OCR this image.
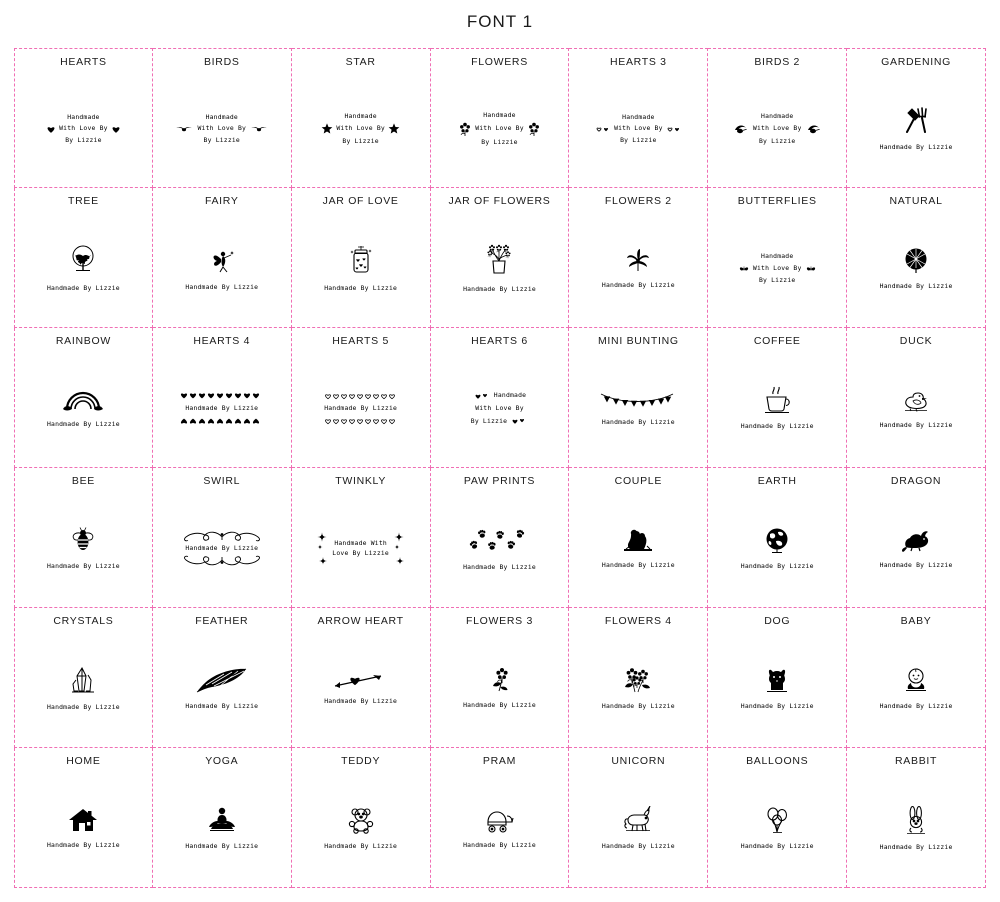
FONT 1
HEARTS
Handmade
With Love By
By Lizzie
BIRDS
Handmade
With Love By
By Lizzie
STAR
Handmade
With Love By
By Lizzie
FLOWERS
Handmade
With Love By
By Lizzie
HEARTS 3
Handmade
With Love By
By Lizzie
BIRDS 2
Handmade
With Love By
By Lizzie
GARDENING
Handmade By Lizzie
TREE
Handmade By Lizzie
FAIRY
Handmade By Lizzie
JAR OF LOVE
Handmade By Lizzie
JAR OF FLOWERS
Handmade By Lizzie
FLOWERS 2
Handmade By Lizzie
BUTTERFLIES
Handmade
With Love By
By Lizzie
NATURAL
Handmade By Lizzie
RAINBOW
Handmade By Lizzie
HEARTS 4
Handmade By Lizzie
HEARTS 5
Handmade By Lizzie
HEARTS 6
Handmade
With Love By
By Lizzie
MINI BUNTING
Handmade By Lizzie
COFFEE
Handmade By Lizzie
DUCK
Handmade By Lizzie
BEE
Handmade By Lizzie
SWIRL
Handmade By Lizzie
TWINKLY
Handmade With
Love By Lizzie
PAW PRINTS
Handmade By Lizzie
COUPLE
Handmade By Lizzie
EARTH
Handmade By Lizzie
DRAGON
Handmade By Lizzie
CRYSTALS
Handmade By Lizzie
FEATHER
Handmade By Lizzie
ARROW HEART
Handmade By Lizzie
FLOWERS 3
Handmade By Lizzie
FLOWERS 4
Handmade By Lizzie
DOG
Handmade By Lizzie
BABY
Handmade By Lizzie
HOME
Handmade By Lizzie
YOGA
Handmade By Lizzie
TEDDY
Handmade By Lizzie
PRAM
Handmade By Lizzie
UNICORN
Handmade By Lizzie
BALLOONS
Handmade By Lizzie
RABBIT
Handmade By Lizzie
